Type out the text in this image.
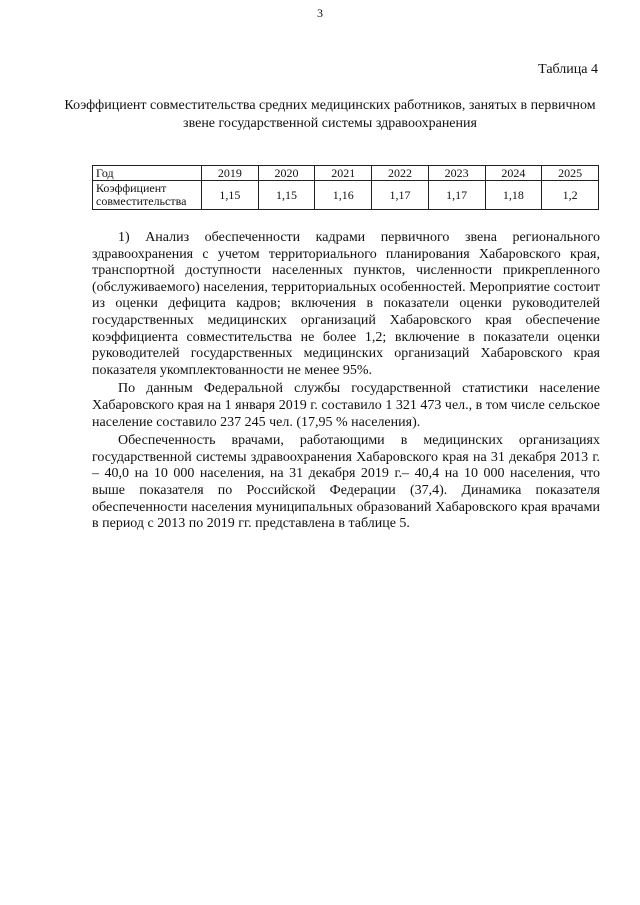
3
Таблица 4
Коэффициент совместительства средних медицинских работников, занятых в первичном звене государственной системы здравоохранения
Год	2019	2020	2021	2022	2023	2024	2025
Коэффициент совместительства	1,15	1,15	1,16	1,17	1,17	1,18	1,2

1) Анализ обеспеченности кадрами первичного звена регионального здравоохранения с учетом территориального планирования Хабаровского края, транспортной доступности населенных пунктов, численности прикрепленного (обслуживаемого) населения, территориальных особенностей. Мероприятие состоит из оценки дефицита кадров; включения в показатели оценки руководителей государственных медицинских организаций Хабаровского края обеспечение коэффициента совместительства не более 1,2; включение в показатели оценки руководителей государственных медицинских организаций Хабаровского края показателя укомплектованности не менее 95%.

По данным Федеральной службы государственной статистики население Хабаровского края на 1 января 2019 г. составило 1 321 473 чел., в том числе сельское население составило 237 245 чел. (17,95 % населения).

Обеспеченность врачами, работающими в медицинских организациях государственной системы здравоохранения Хабаровского края на 31 декабря 2013 г. – 40,0 на 10 000 населения, на 31 декабря 2019 г.– 40,4 на 10 000 населения, что выше показателя по Российской Федерации (37,4). Динамика показателя обеспеченности населения муниципальных образований Хабаровского края врачами в период с 2013 по 2019 гг. представлена в таблице 5.
